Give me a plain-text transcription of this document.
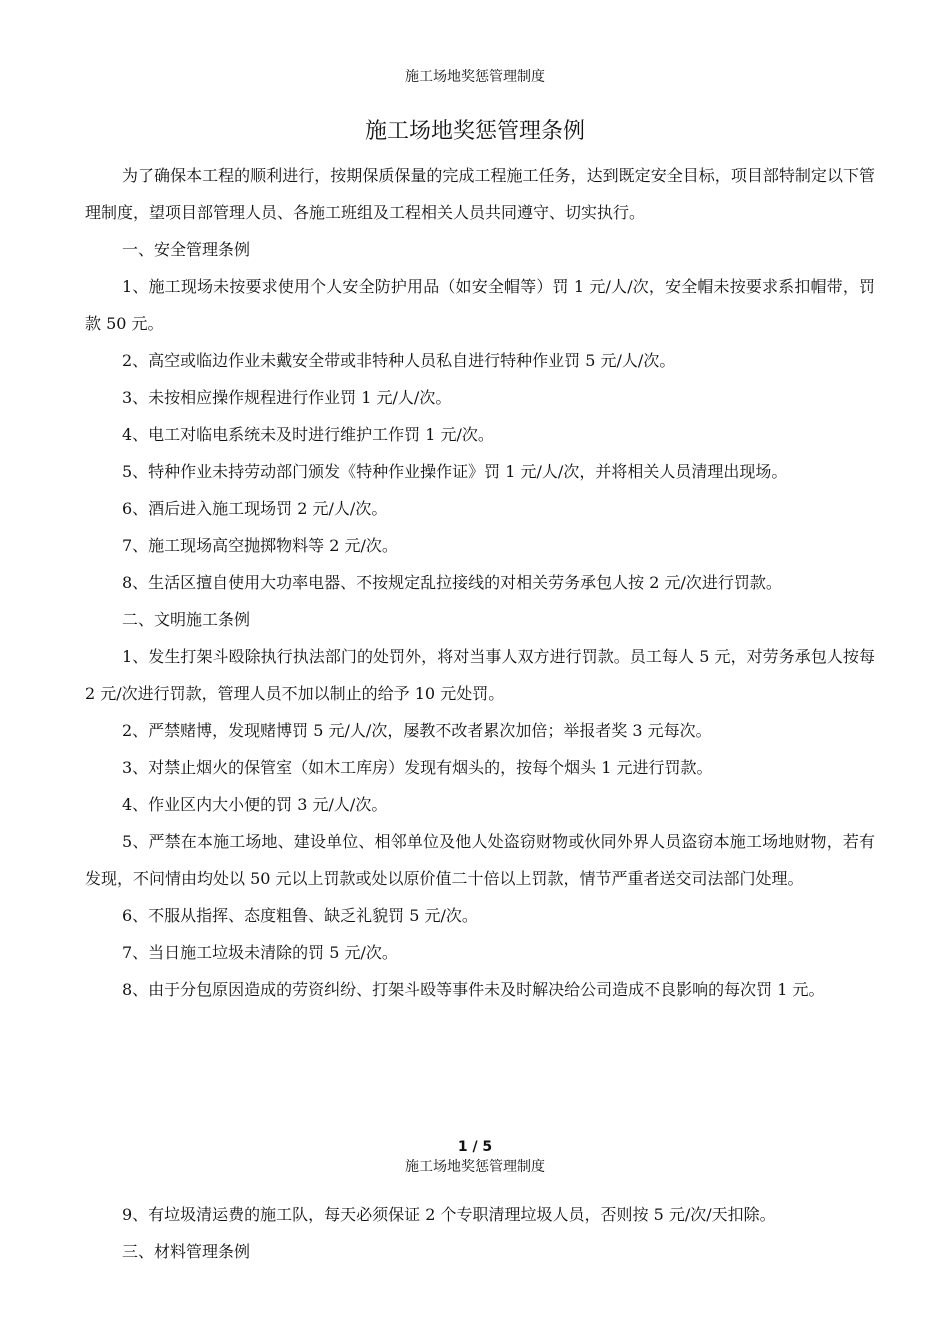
施工场地奖惩管理制度
施工场地奖惩管理条例

为了确保本工程的顺利进行，按期保质保量的完成工程施工任务，达到既定安全目标，项目部特制定以下管理制度，望项目部管理人员、各施工班组及工程相关人员共同遵守、切实执行。

一、安全管理条例

1、施工现场未按要求使用个人安全防护用品（如安全帽等）罚 1 元/人/次，安全帽未按要求系扣帽带，罚款 50 元。

2、高空或临边作业未戴安全带或非特种人员私自进行特种作业罚 5 元/人/次。

3、未按相应操作规程进行作业罚 1 元/人/次。

4、电工对临电系统未及时进行维护工作罚 1 元/次。

5、特种作业未持劳动部门颁发《特种作业操作证》罚 1 元/人/次，并将相关人员清理出现场。

6、酒后进入施工现场罚 2 元/人/次。

7、施工现场高空抛掷物料等 2 元/次。

8、生活区擅自使用大功率电器、不按规定乱拉接线的对相关劳务承包人按 2 元/次进行罚款。

二、文明施工条例

1、发生打架斗殴除执行执法部门的处罚外，将对当事人双方进行罚款。员工每人 5 元，对劳务承包人按每 2 元/次进行罚款，管理人员不加以制止的给予 10 元处罚。

2、严禁赌博，发现赌博罚 5 元/人/次，屡教不改者累次加倍；举报者奖 3 元每次。

3、对禁止烟火的保管室（如木工库房）发现有烟头的，按每个烟头 1 元进行罚款。

4、作业区内大小便的罚 3 元/人/次。

5、严禁在本施工场地、建设单位、相邻单位及他人处盗窃财物或伙同外界人员盗窃本施工场地财物，若有发现，不问情由均处以 50 元以上罚款或处以原价值二十倍以上罚款，情节严重者送交司法部门处理。

6、不服从指挥、态度粗鲁、缺乏礼貌罚 5 元/次。

7、当日施工垃圾未清除的罚 5 元/次。

8、由于分包原因造成的劳资纠纷、打架斗殴等事件未及时解决给公司造成不良影响的每次罚 1 元。

1 / 5
施工场地奖惩管理制度

9、有垃圾清运费的施工队，每天必须保证 2 个专职清理垃圾人员，否则按 5 元/次/天扣除。

三、材料管理条例
